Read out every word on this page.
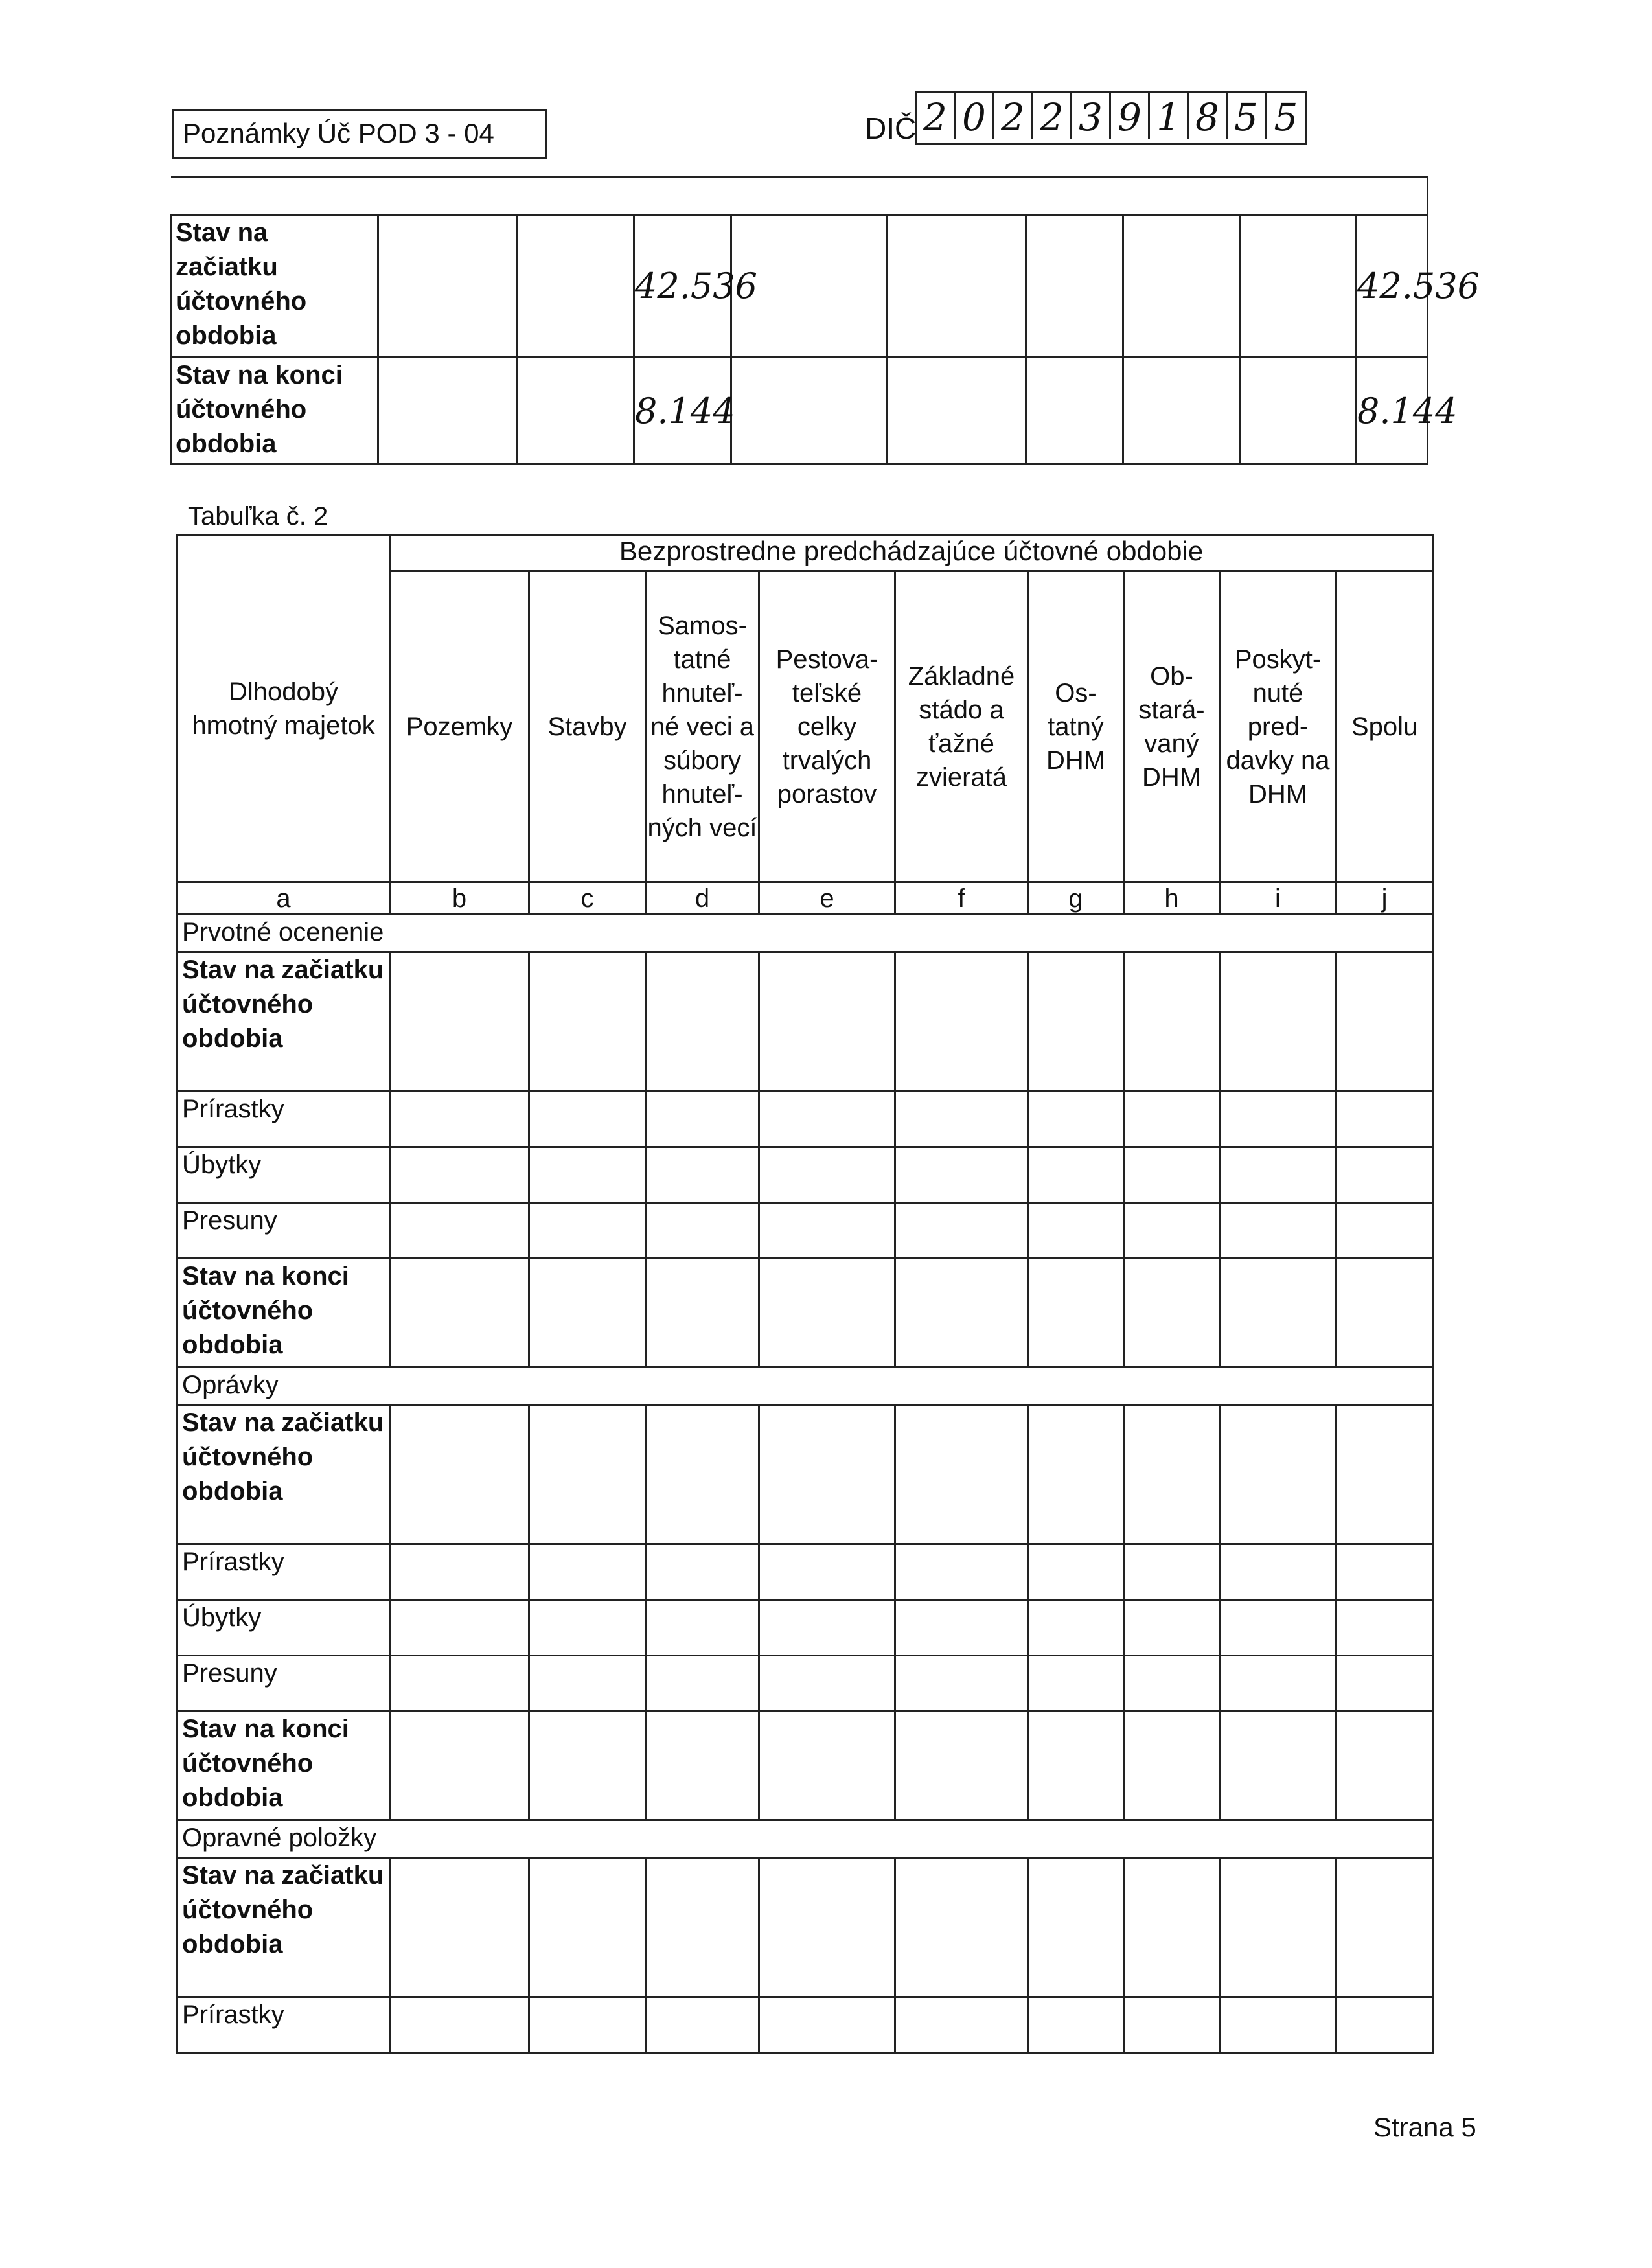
Poznámky Úč POD 3 - 04	DIČ 2 0 2 2 3 9 1 8 5 5

Stav na začiatku účtovného obdobia			42.536						42.536
Stav na konci účtovného obdobia			8.144						8.144
Tabuľka č. 2
Dlhodobý hmotný majetok	Bezprostredne predchádzajúce účtovné obdobie								
	Pozemky	Stavby	Samos- tatné hnuteľ- né veci a súbory hnuteľ- ných vecí	Pestova- teľské celky trvalých porastov	Základné stádo a ťažné zvieratá	Os- tatný DHM	Ob- stará- vaný DHM	Poskyt- nuté pred- davky na DHM	Spolu
a	b	c	d	e	f	g	h	i	j
Prvotné ocenenie									
Stav na začiatku účtovného obdobia									
Prírastky									
Úbytky									
Presuny									
Stav na konci účtovného obdobia									
Oprávky									
Stav na začiatku účtovného obdobia									
Prírastky									
Úbytky									
Presuny									
Stav na konci účtovného obdobia									
Opravné položky									
Stav na začiatku účtovného obdobia									
Prírastky									
Strana 5
